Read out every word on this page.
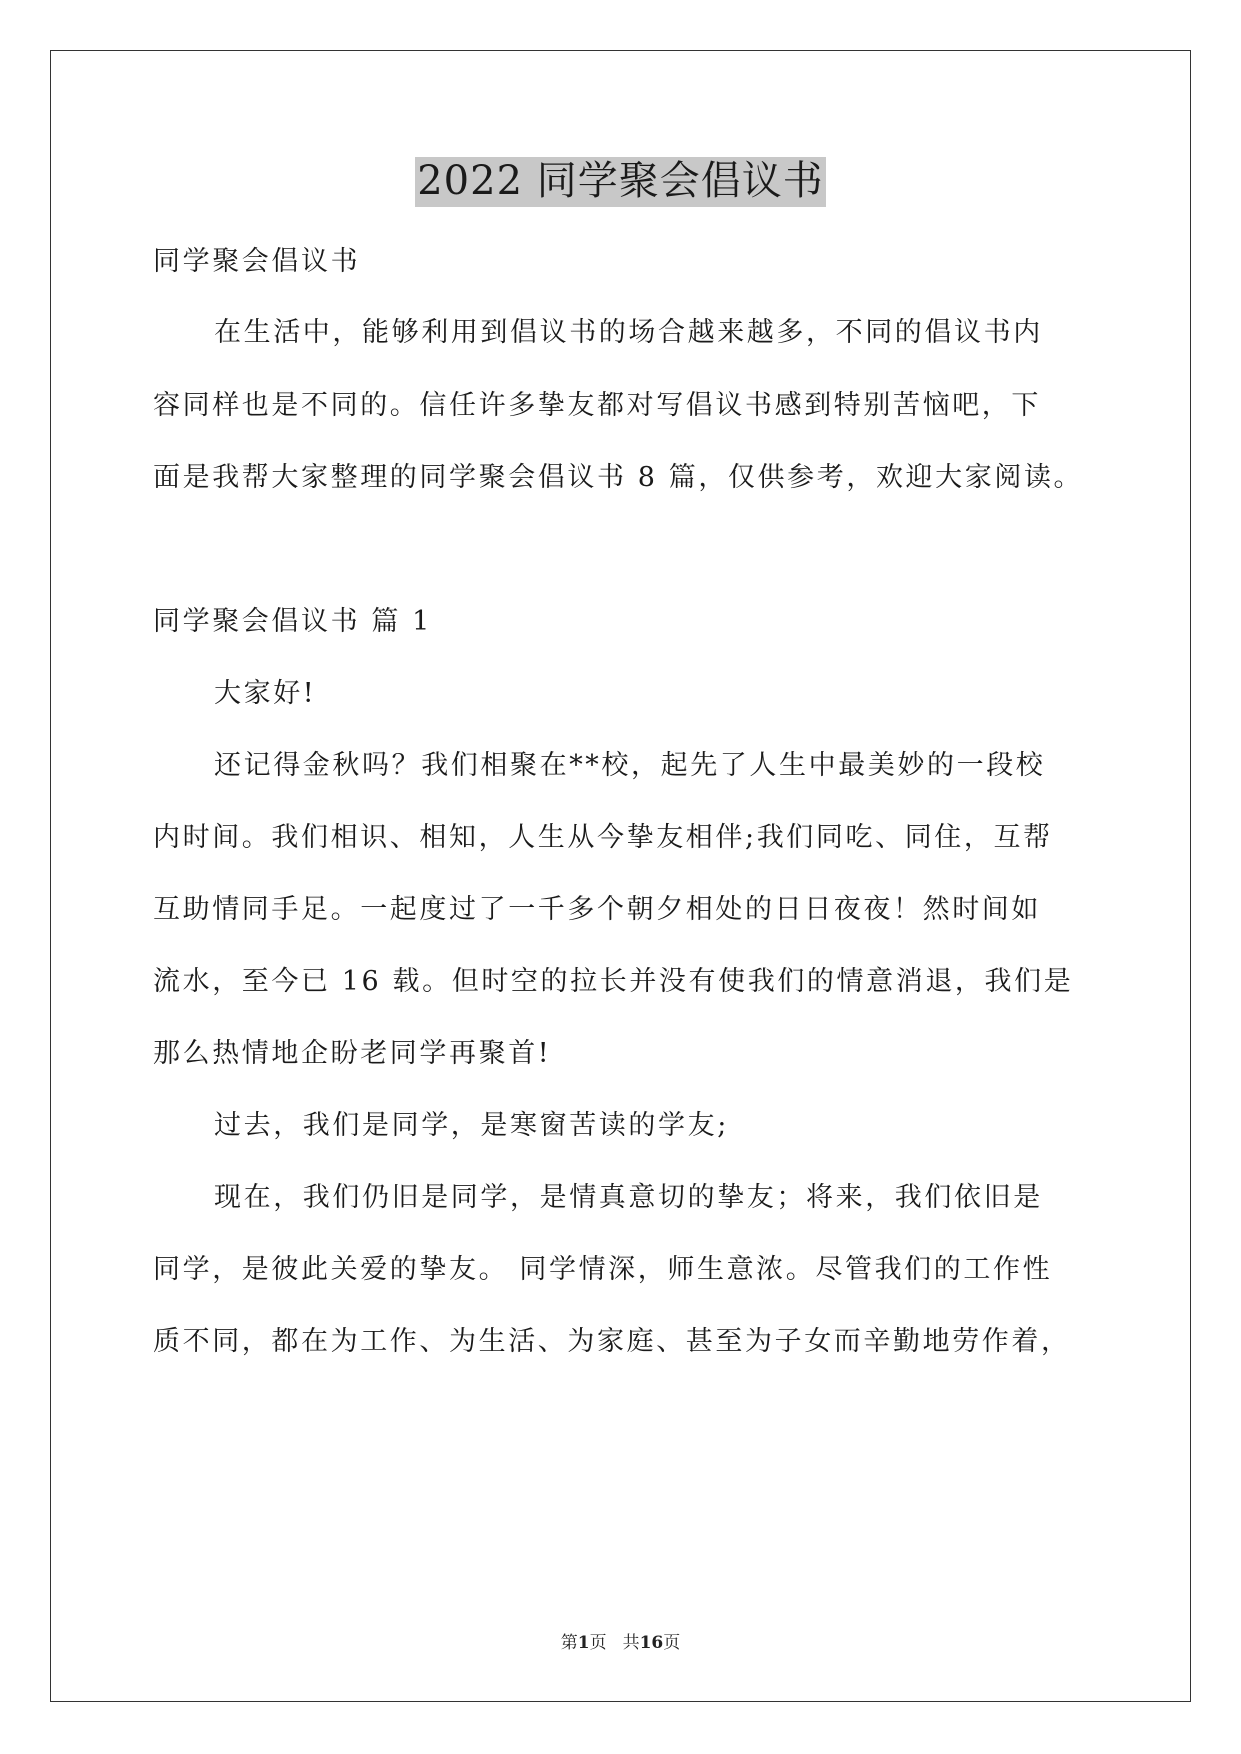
2022 同学聚会倡议书

同学聚会倡议书

在生活中，能够利用到倡议书的场合越来越多，不同的倡议书内

容同样也是不同的。信任许多挚友都对写倡议书感到特别苦恼吧，下

面是我帮大家整理的同学聚会倡议书 8 篇，仅供参考，欢迎大家阅读。

同学聚会倡议书 篇 1

大家好!

还记得金秋吗？我们相聚在**校，起先了人生中最美妙的一段校

内时间。我们相识、相知，人生从今挚友相伴;我们同吃、同住，互帮

互助情同手足。一起度过了一千多个朝夕相处的日日夜夜！然时间如

流水，至今已 16 载。但时空的拉长并没有使我们的情意消退，我们是

那么热情地企盼老同学再聚首!

过去，我们是同学，是寒窗苦读的学友;

现在，我们仍旧是同学，是情真意切的挚友；将来，我们依旧是

同学，是彼此关爱的挚友。 同学情深，师生意浓。尽管我们的工作性

质不同，都在为工作、为生活、为家庭、甚至为子女而辛勤地劳作着，

第1页 共16页
